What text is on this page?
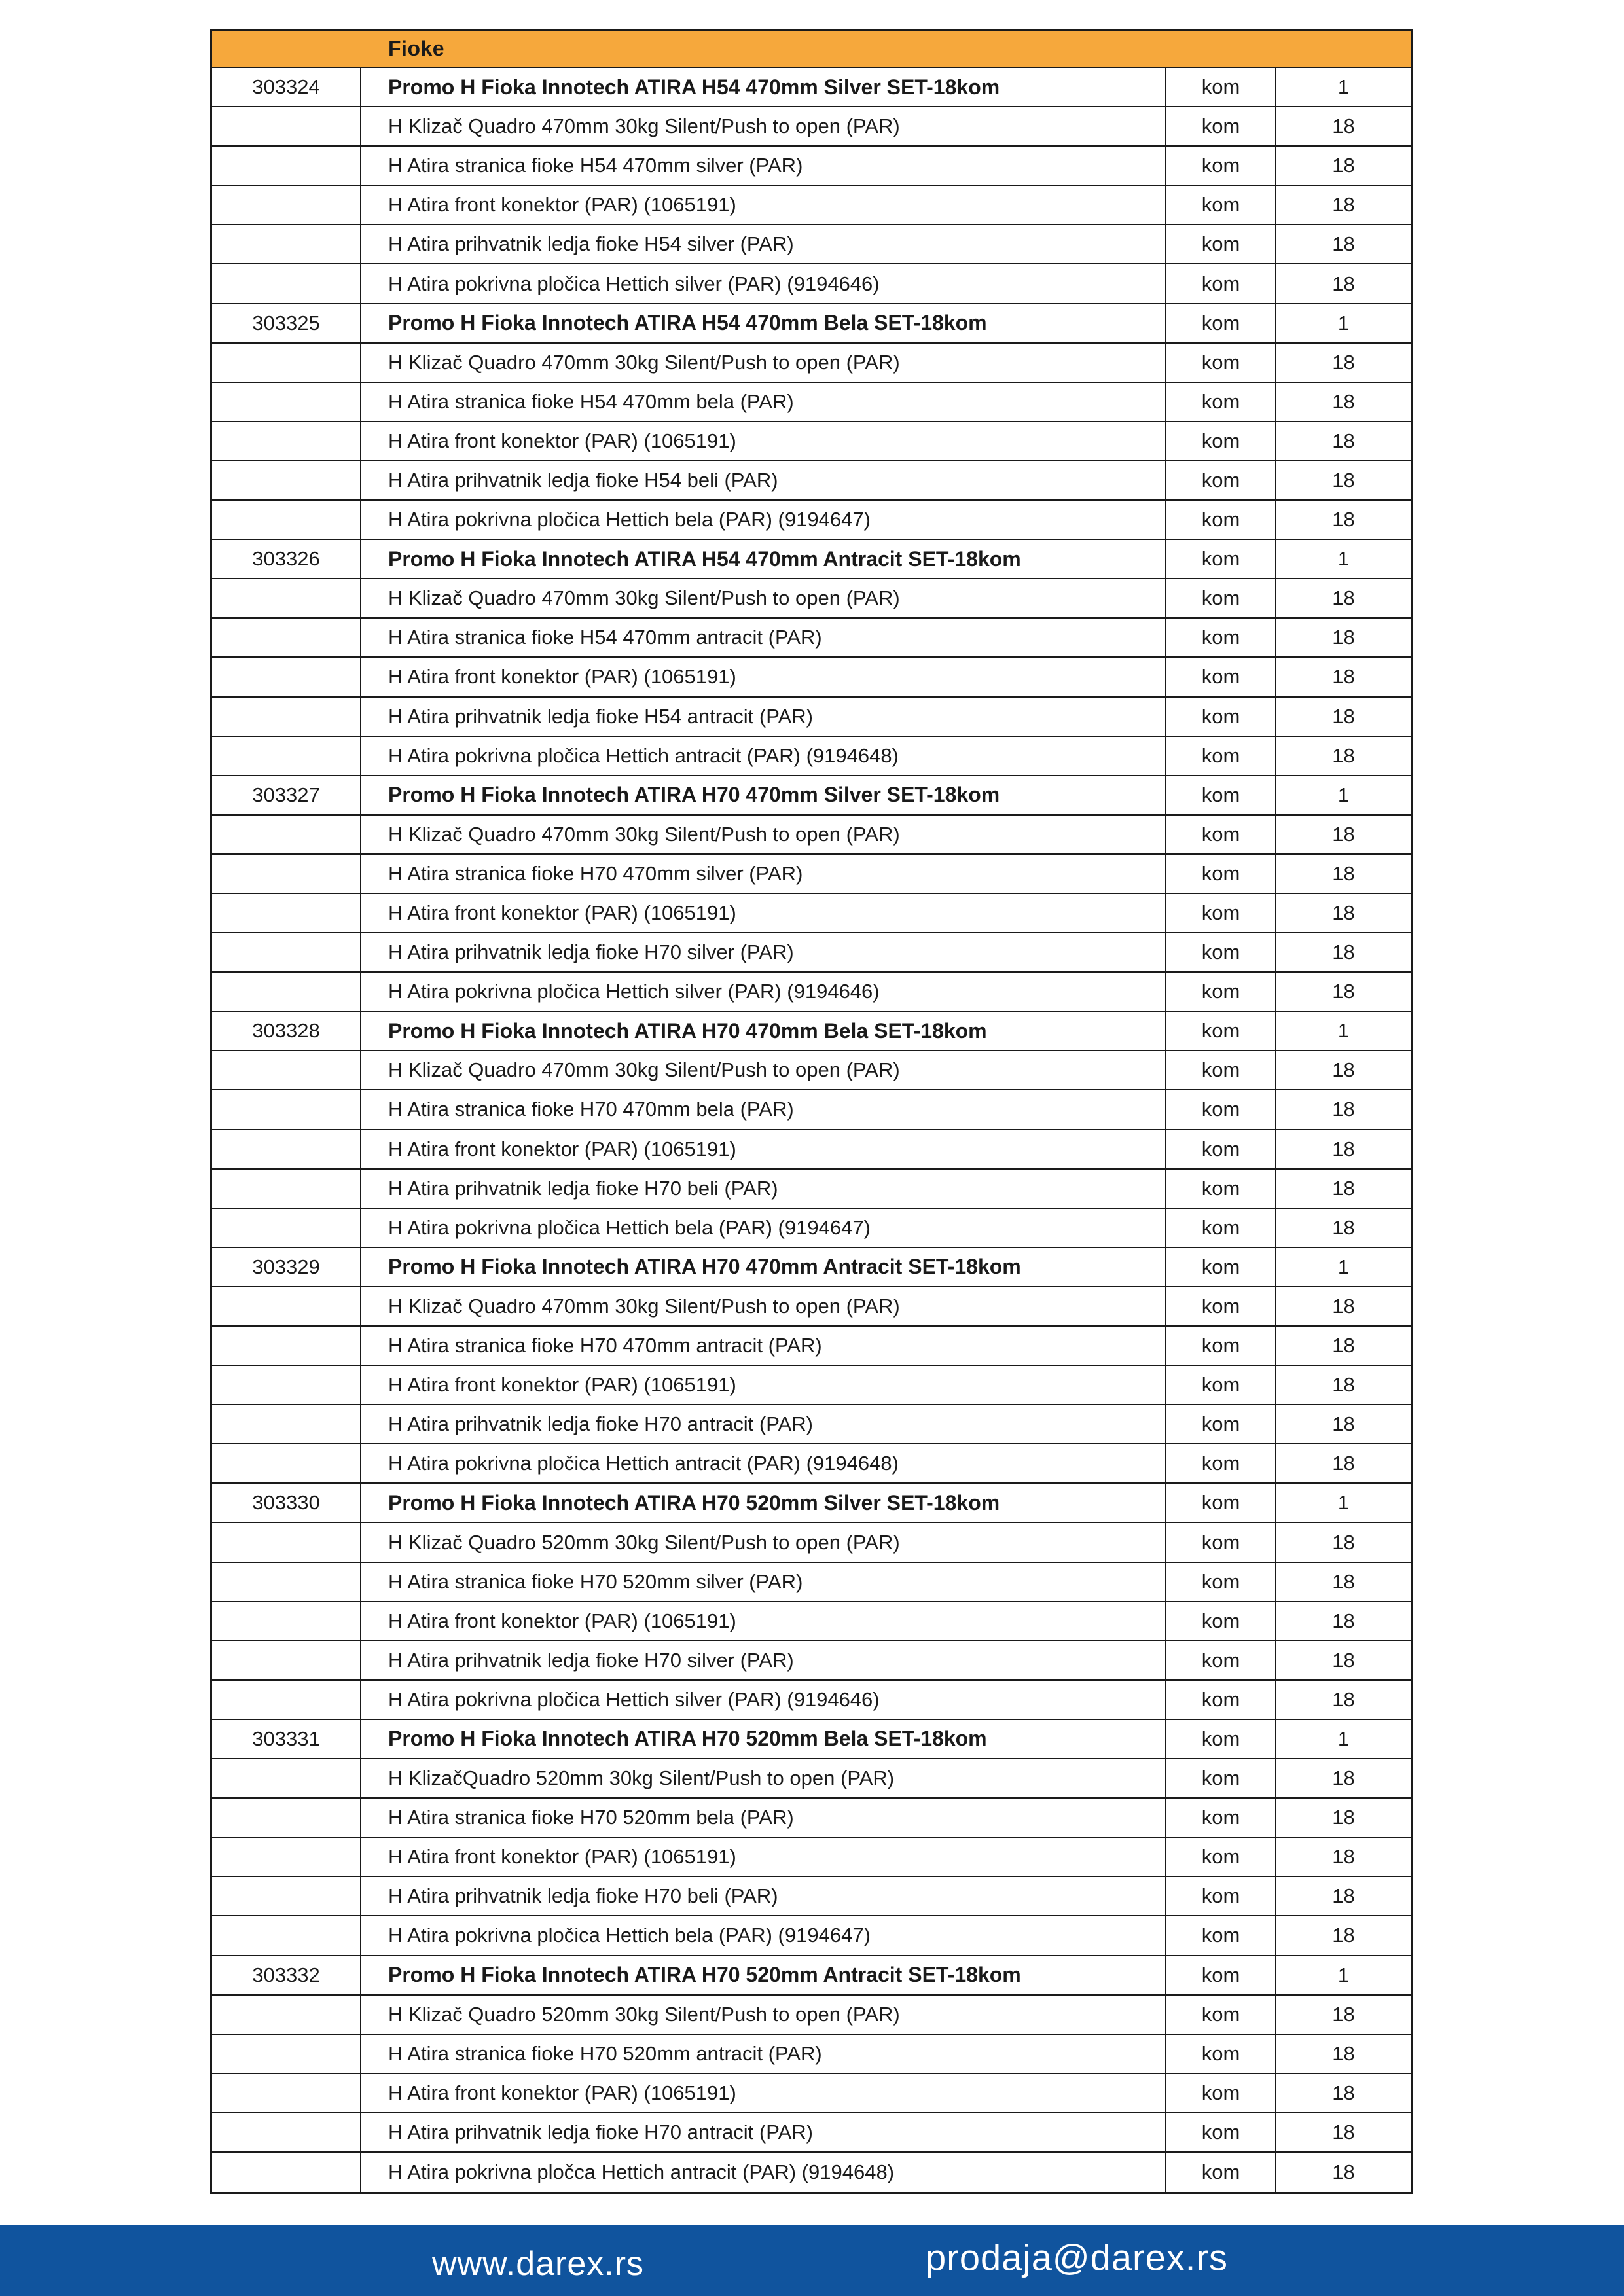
Fioke
303324	Promo H Fioka Innotech ATIRA H54 470mm Silver SET-18kom	kom	1
H Klizač Quadro 470mm 30kg Silent/Push to open (PAR)	kom	18
H Atira stranica fioke H54 470mm silver (PAR)	kom	18
H Atira front konektor (PAR) (1065191)	kom	18
H Atira prihvatnik ledja fioke H54 silver (PAR)	kom	18
H Atira pokrivna pločica Hettich silver (PAR) (9194646)	kom	18
303325	Promo H Fioka Innotech ATIRA H54 470mm Bela SET-18kom	kom	1
H Klizač Quadro 470mm 30kg Silent/Push to open (PAR)	kom	18
H Atira stranica fioke H54 470mm bela (PAR)	kom	18
H Atira front konektor (PAR) (1065191)	kom	18
H Atira prihvatnik ledja fioke H54 beli (PAR)	kom	18
H Atira pokrivna pločica Hettich bela (PAR) (9194647)	kom	18
303326	Promo H Fioka Innotech ATIRA H54 470mm Antracit SET-18kom	kom	1
H Klizač Quadro 470mm 30kg Silent/Push to open (PAR)	kom	18
H Atira stranica fioke H54 470mm antracit (PAR)	kom	18
H Atira front konektor (PAR) (1065191)	kom	18
H Atira prihvatnik ledja fioke H54 antracit (PAR)	kom	18
H Atira pokrivna pločica Hettich antracit (PAR) (9194648)	kom	18
303327	Promo H Fioka Innotech ATIRA H70 470mm Silver SET-18kom	kom	1
H Klizač Quadro 470mm 30kg Silent/Push to open (PAR)	kom	18
H Atira stranica fioke H70 470mm silver (PAR)	kom	18
H Atira front konektor (PAR) (1065191)	kom	18
H Atira prihvatnik ledja fioke H70 silver (PAR)	kom	18
H Atira pokrivna pločica Hettich silver (PAR) (9194646)	kom	18
303328	Promo H Fioka Innotech ATIRA H70 470mm Bela SET-18kom	kom	1
H Klizač Quadro 470mm 30kg Silent/Push to open (PAR)	kom	18
H Atira stranica fioke H70 470mm bela (PAR)	kom	18
H Atira front konektor (PAR) (1065191)	kom	18
H Atira prihvatnik ledja fioke H70 beli (PAR)	kom	18
H Atira pokrivna pločica Hettich bela (PAR) (9194647)	kom	18
303329	Promo H Fioka Innotech ATIRA H70 470mm Antracit SET-18kom	kom	1
H Klizač Quadro 470mm 30kg Silent/Push to open (PAR)	kom	18
H Atira stranica fioke H70 470mm antracit (PAR)	kom	18
H Atira front konektor (PAR) (1065191)	kom	18
H Atira prihvatnik ledja fioke H70 antracit (PAR)	kom	18
H Atira pokrivna pločica Hettich antracit (PAR) (9194648)	kom	18
303330	Promo H Fioka Innotech ATIRA H70 520mm Silver SET-18kom	kom	1
H Klizač Quadro 520mm 30kg Silent/Push to open (PAR)	kom	18
H Atira stranica fioke H70 520mm silver (PAR)	kom	18
H Atira front konektor (PAR) (1065191)	kom	18
H Atira prihvatnik ledja fioke H70 silver (PAR)	kom	18
H Atira pokrivna pločica Hettich silver (PAR) (9194646)	kom	18
303331	Promo H Fioka Innotech ATIRA H70 520mm Bela SET-18kom	kom	1
H KlizačQuadro 520mm 30kg Silent/Push to open (PAR)	kom	18
H Atira stranica fioke H70 520mm bela (PAR)	kom	18
H Atira front konektor (PAR) (1065191)	kom	18
H Atira prihvatnik ledja fioke H70 beli (PAR)	kom	18
H Atira pokrivna pločica Hettich bela (PAR) (9194647)	kom	18
303332	Promo H Fioka Innotech ATIRA H70 520mm Antracit SET-18kom	kom	1
H Klizač Quadro 520mm 30kg Silent/Push to open (PAR)	kom	18
H Atira stranica fioke H70 520mm antracit (PAR)	kom	18
H Atira front konektor (PAR) (1065191)	kom	18
H Atira prihvatnik ledja fioke H70 antracit (PAR)	kom	18
H Atira pokrivna pločca Hettich antracit (PAR) (9194648)	kom	18
www.darex.rs	prodaja@darex.rs
